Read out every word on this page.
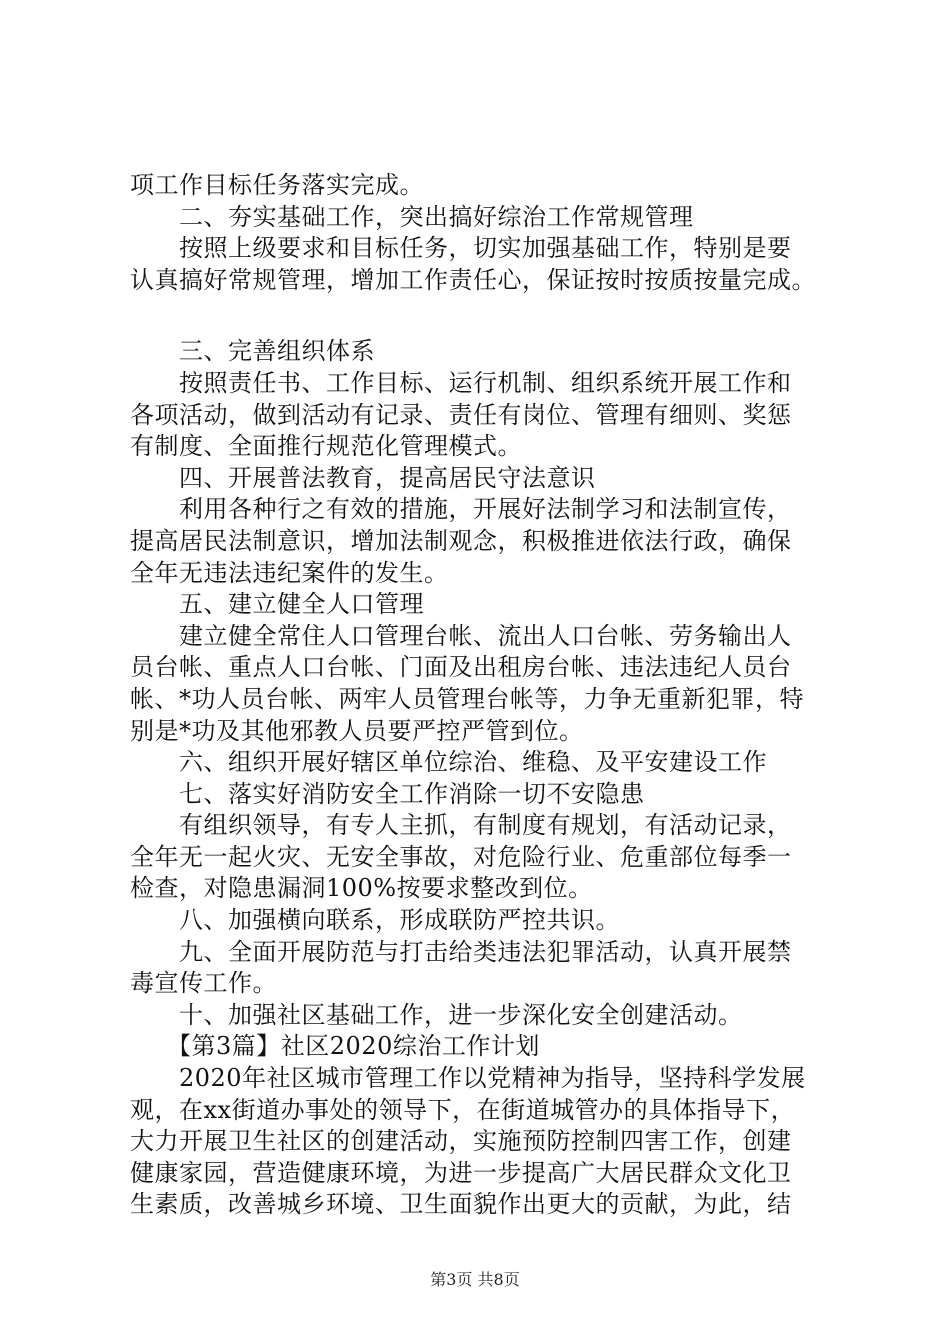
项工作目标任务落实完成。
　　二、夯实基础工作，突出搞好综治工作常规管理
　　按照上级要求和目标任务，切实加强基础工作，特别是要
认真搞好常规管理，增加工作责任心，保证按时按质按量完成。
　　三、完善组织体系
　　按照责任书、工作目标、运行机制、组织系统开展工作和
各项活动，做到活动有记录、责任有岗位、管理有细则、奖惩
有制度、全面推行规范化管理模式。
　　四、开展普法教育，提高居民守法意识
　　利用各种行之有效的措施，开展好法制学习和法制宣传，
提高居民法制意识，增加法制观念，积极推进依法行政，确保
全年无违法违纪案件的发生。
　　五、建立健全人口管理
　　建立健全常住人口管理台帐、流出人口台帐、劳务输出人
员台帐、重点人口台帐、门面及出租房台帐、违法违纪人员台
帐、*功人员台帐、两牢人员管理台帐等，力争无重新犯罪，特
别是*功及其他邪教人员要严控严管到位。
　　六、组织开展好辖区单位综治、维稳、及平安建设工作
　　七、落实好消防安全工作消除一切不安隐患
　　有组织领导，有专人主抓，有制度有规划，有活动记录，
全年无一起火灾、无安全事故，对危险行业、危重部位每季一
检查，对隐患漏洞100%按要求整改到位。
　　八、加强横向联系，形成联防严控共识。
　　九、全面开展防范与打击给类违法犯罪活动，认真开展禁
毒宣传工作。
　　十、加强社区基础工作，进一步深化安全创建活动。
　　【第3篇】社区2020综治工作计划
　　2020年社区城市管理工作以党精神为指导，坚持科学发展
观，在xx街道办事处的领导下，在街道城管办的具体指导下，
大力开展卫生社区的创建活动，实施预防控制四害工作，创建
健康家园，营造健康环境，为进一步提高广大居民群众文化卫
生素质，改善城乡环境、卫生面貌作出更大的贡献，为此，结
第3页 共8页
